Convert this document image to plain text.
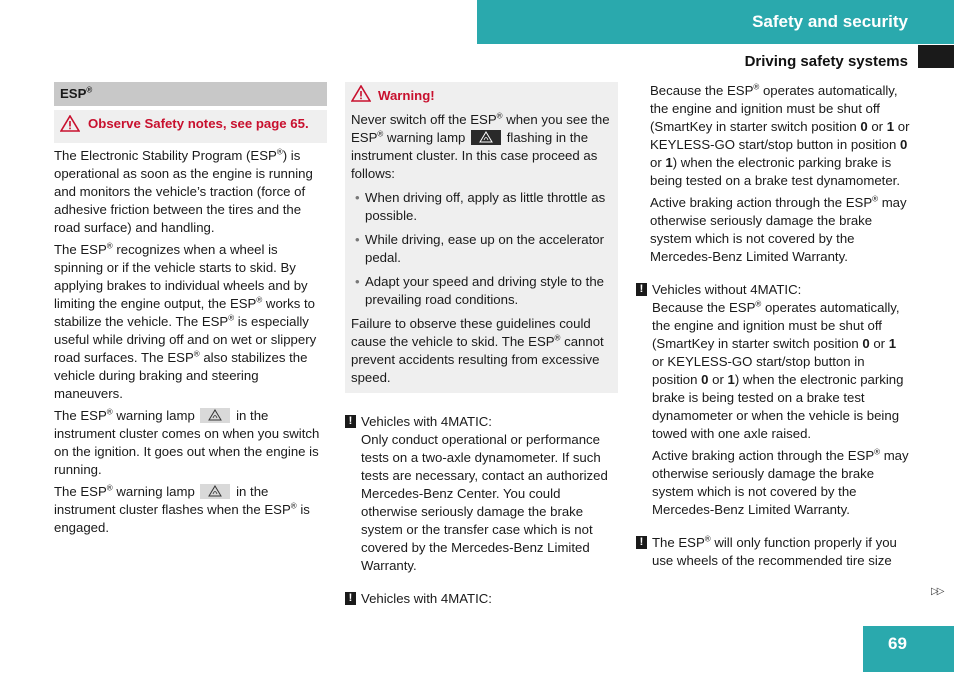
Safety and security
Driving safety systems
ESP®
Observe Safety notes, see page 65.

The Electronic Stability Program (ESP®) is operational as soon as the engine is running and monitors the vehicle’s traction (force of adhesive friction between the tires and the road surface) and handling.

The ESP® recognizes when a wheel is spinning or if the vehicle starts to skid. By applying brakes to individual wheels and by limiting the engine output, the ESP® works to stabilize the vehicle. The ESP® is especially useful while driving off and on wet or slippery road surfaces. The ESP® also stabilizes the vehicle during braking and steering maneuvers.

The ESP® warning lamp	in the instrument cluster comes on when you switch on the ignition. It goes out when the engine is running.

The ESP® warning lamp	in the instrument cluster flashes when the ESP® is engaged.

Warning!

Never switch off the ESP® when you see the ESP® warning lamp	flashing in the instrument cluster. In this case proceed as follows:

• When driving off, apply as little throttle as possible.
• While driving, ease up on the accelerator pedal.
• Adapt your speed and driving style to the prevailing road conditions.

Failure to observe these guidelines could cause the vehicle to skid. The ESP® cannot prevent accidents resulting from excessive speed.

! Vehicles with 4MATIC:
Only conduct operational or performance tests on a two-axle dynamometer. If such tests are necessary, contact an authorized Mercedes-Benz Center. You could otherwise seriously damage the brake system or the transfer case which is not covered by the Mercedes-Benz Limited Warranty.
! Vehicles with 4MATIC:

Because the ESP® operates automatically, the engine and ignition must be shut off (SmartKey in starter switch position 0 or 1 or KEYLESS-GO start/stop button in position 0 or 1) when the electronic parking brake is being tested on a brake test dynamometer.

Active braking action through the ESP® may otherwise seriously damage the brake system which is not covered by the Mercedes-Benz Limited Warranty.

! Vehicles without 4MATIC:

Because the ESP® operates automatically, the engine and ignition must be shut off (SmartKey in starter switch position 0 or 1 or KEYLESS-GO start/stop button in position 0 or 1) when the electronic parking brake is being tested on a brake test dynamometer or when the vehicle is being towed with one axle raised.

Active braking action through the ESP® may otherwise seriously damage the brake system which is not covered by the Mercedes-Benz Limited Warranty.

! The ESP® will only function properly if you use wheels of the recommended tire size

▷▷
69
